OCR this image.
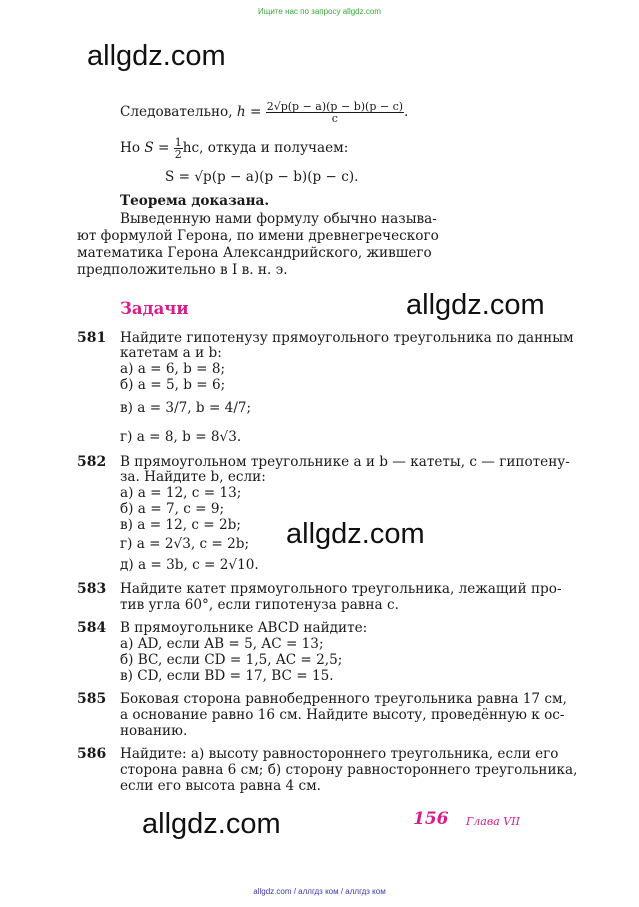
Ищите нас по запросу allgdz.com
allgdz.com
allgdz.com
allgdz.com
allgdz.com
Следовательно, $h = \frac{2√p(p - a)(p - b)(p - c)}{c}$ .
Но $S = \frac{1}{2}$ hc, откуда и получаем:
S = √p(p − a)(p − b)(p − c).
Теорема доказана.
Выведенную нами формулу обычно называ-
ют формулой Герона, по имени древнегреческого
математика Герона Александрийского, жившего
предположительно в I в. н. э.
Задачи
581 Найдите гипотенузу прямоугольного треугольника по данным
катетам a и b:
а) a = 6, b = 8;
б) a = 5, b = 6;
в) a = 3/7, b = 4/7;
г) a = 8, b = 8√3.
582 В прямоугольном треугольнике a и b — катеты, c — гипотену-
за. Найдите b, если:
а) a = 12, c = 13;
б) a = 7, c = 9;
в) a = 12, c = 2b;
г) a = 2√3, c = 2b;
д) a = 3b, c = 2√10.
583 Найдите катет прямоугольного треугольника, лежащий про-
тив угла 60°, если гипотенуза равна c.
584 В прямоугольнике ABCD найдите:
а) AD, если AB = 5, AC = 13;
б) BC, если CD = 1,5, AC = 2,5;
в) CD, если BD = 17, BC = 15.
585 Боковая сторона равнобедренного треугольника равна 17 см,
а основание равно 16 см. Найдите высоту, проведённую к ос-
нованию.
586 Найдите: а) высоту равностороннего треугольника, если его
сторона равна 6 см; б) сторону равностороннего треугольника,
если его высота равна 4 см.
156 Глава VII
allgdz.com / аллгдз ком / аллгдз ком
